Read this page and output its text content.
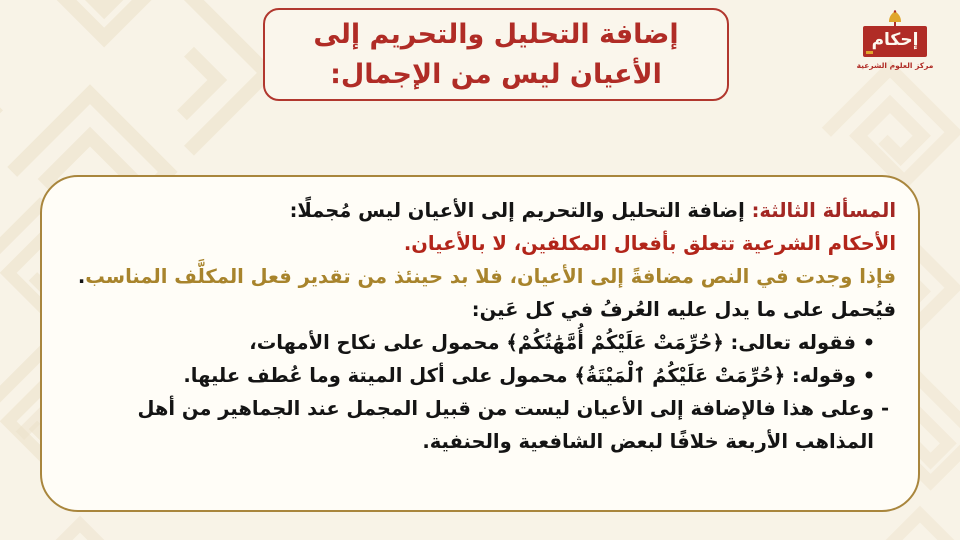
إضافة التحليل والتحريم إلى
الأعيان ليس من الإجمال:
إحكام
مركز العلوم الشرعية

المسألة الثالثة: إضافة التحليل والتحريم إلى الأعيان ليس مُجملًا:

الأحكام الشرعية تتعلق بأفعال المكلفين، لا بالأعيان.

فإذا وجدت في النص مضافةً إلى الأعيان، فلا بد حينئذ من تقدير فعل المكلَّف المناسب.

فيُحمل على ما يدل عليه العُرفُ في كل عَين:

•
فقوله تعالى: ﴿حُرِّمَتْ عَلَيْكُمْ أُمَّهَٰتُكُمْ﴾ محمول على نكاح الأمهات،
•
وقوله: ﴿حُرِّمَتْ عَلَيْكُمُ ٱلْمَيْتَةُ﴾ محمول على أكل الميتة وما عُطف عليها.
-
وعلى هذا فالإضافة إلى الأعيان ليست من قبيل المجمل عند الجماهير من أهل المذاهب الأربعة خلافًا لبعض الشافعية والحنفية.
